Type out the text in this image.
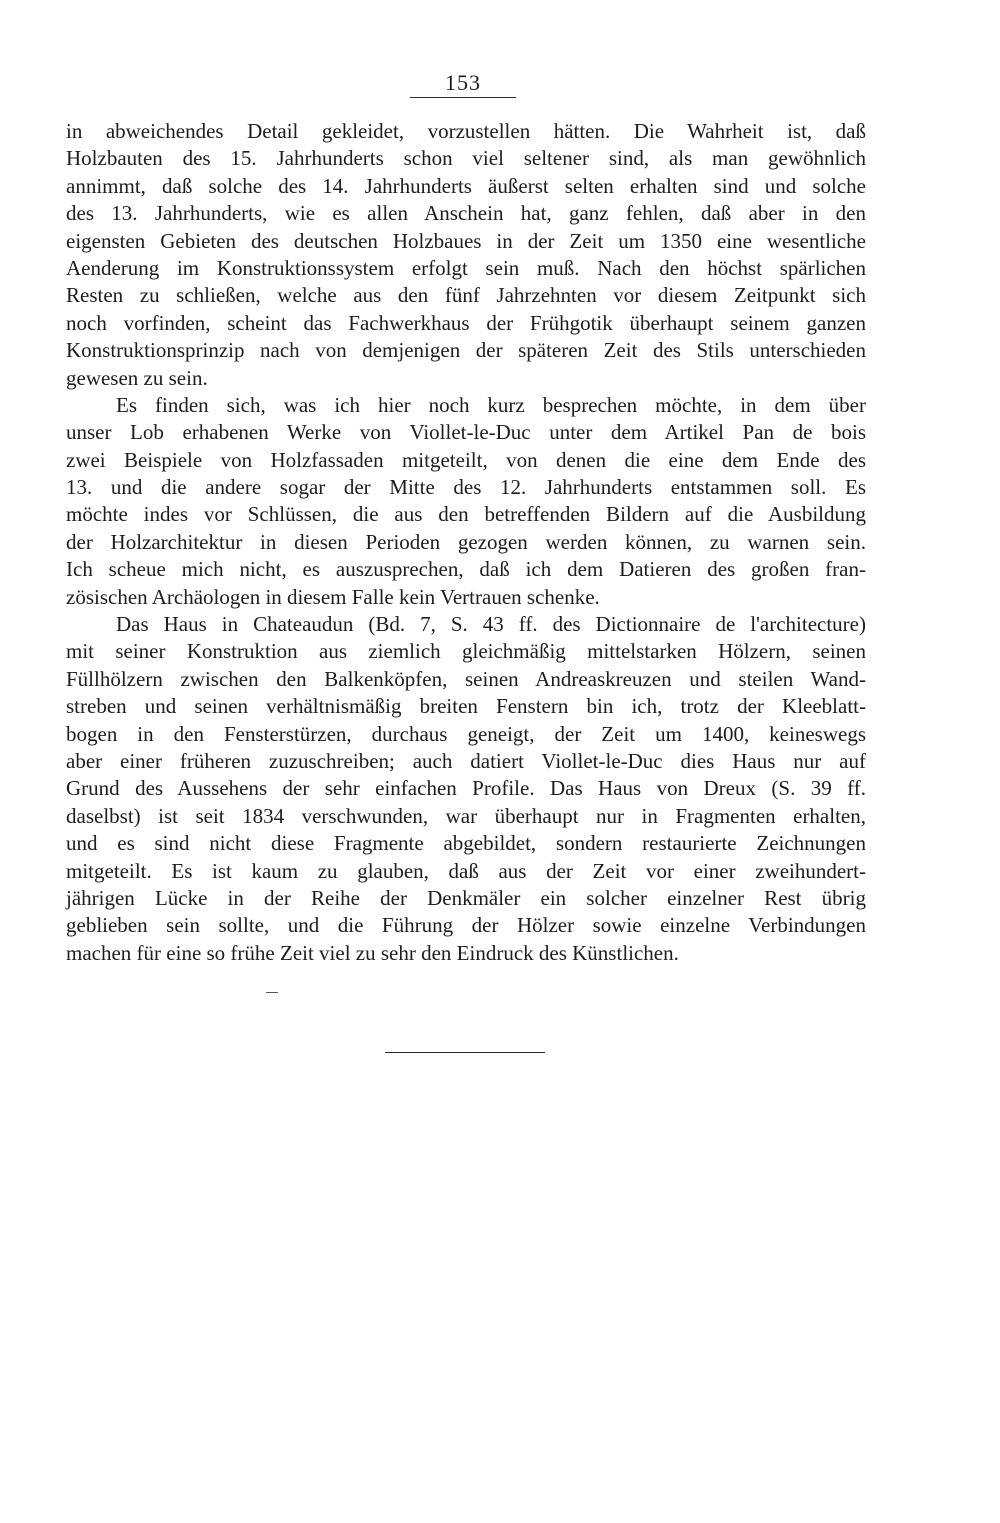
153
in abweichendes Detail gekleidet, vorzustellen hätten. Die Wahrheit ist, daß
Holzbauten des 15. Jahrhunderts schon viel seltener sind, als man gewöhnlich
annimmt, daß solche des 14. Jahrhunderts äußerst selten erhalten sind und solche
des 13. Jahrhunderts, wie es allen Anschein hat, ganz fehlen, daß aber in den
eigensten Gebieten des deutschen Holzbaues in der Zeit um 1350 eine wesentliche
Aenderung im Konstruktionssystem erfolgt sein muß. Nach den höchst spärlichen
Resten zu schließen, welche aus den fünf Jahrzehnten vor diesem Zeitpunkt sich
noch vorfinden, scheint das Fachwerkhaus der Frühgotik überhaupt seinem ganzen
Konstruktionsprinzip nach von demjenigen der späteren Zeit des Stils unterschieden
gewesen zu sein.
Es finden sich, was ich hier noch kurz besprechen möchte, in dem über
unser Lob erhabenen Werke von Viollet-le-Duc unter dem Artikel Pan de bois
zwei Beispiele von Holzfassaden mitgeteilt, von denen die eine dem Ende des
13. und die andere sogar der Mitte des 12. Jahrhunderts entstammen soll. Es
möchte indes vor Schlüssen, die aus den betreffenden Bildern auf die Ausbildung
der Holzarchitektur in diesen Perioden gezogen werden können, zu warnen sein.
Ich scheue mich nicht, es auszusprechen, daß ich dem Datieren des großen fran-
zösischen Archäologen in diesem Falle kein Vertrauen schenke.
Das Haus in Chateaudun (Bd. 7, S. 43 ff. des Dictionnaire de l'architecture)
mit seiner Konstruktion aus ziemlich gleichmäßig mittelstarken Hölzern, seinen
Füllhölzern zwischen den Balkenköpfen, seinen Andreaskreuzen und steilen Wand-
streben und seinen verhältnismäßig breiten Fenstern bin ich, trotz der Kleeblatt-
bogen in den Fensterstürzen, durchaus geneigt, der Zeit um 1400, keineswegs
aber einer früheren zuzuschreiben; auch datiert Viollet-le-Duc dies Haus nur auf
Grund des Aussehens der sehr einfachen Profile. Das Haus von Dreux (S. 39 ff.
daselbst) ist seit 1834 verschwunden, war überhaupt nur in Fragmenten erhalten,
und es sind nicht diese Fragmente abgebildet, sondern restaurierte Zeichnungen
mitgeteilt. Es ist kaum zu glauben, daß aus der Zeit vor einer zweihundert-
jährigen Lücke in der Reihe der Denkmäler ein solcher einzelner Rest übrig
geblieben sein sollte, und die Führung der Hölzer sowie einzelne Verbindungen
machen für eine so frühe Zeit viel zu sehr den Eindruck des Künstlichen.
